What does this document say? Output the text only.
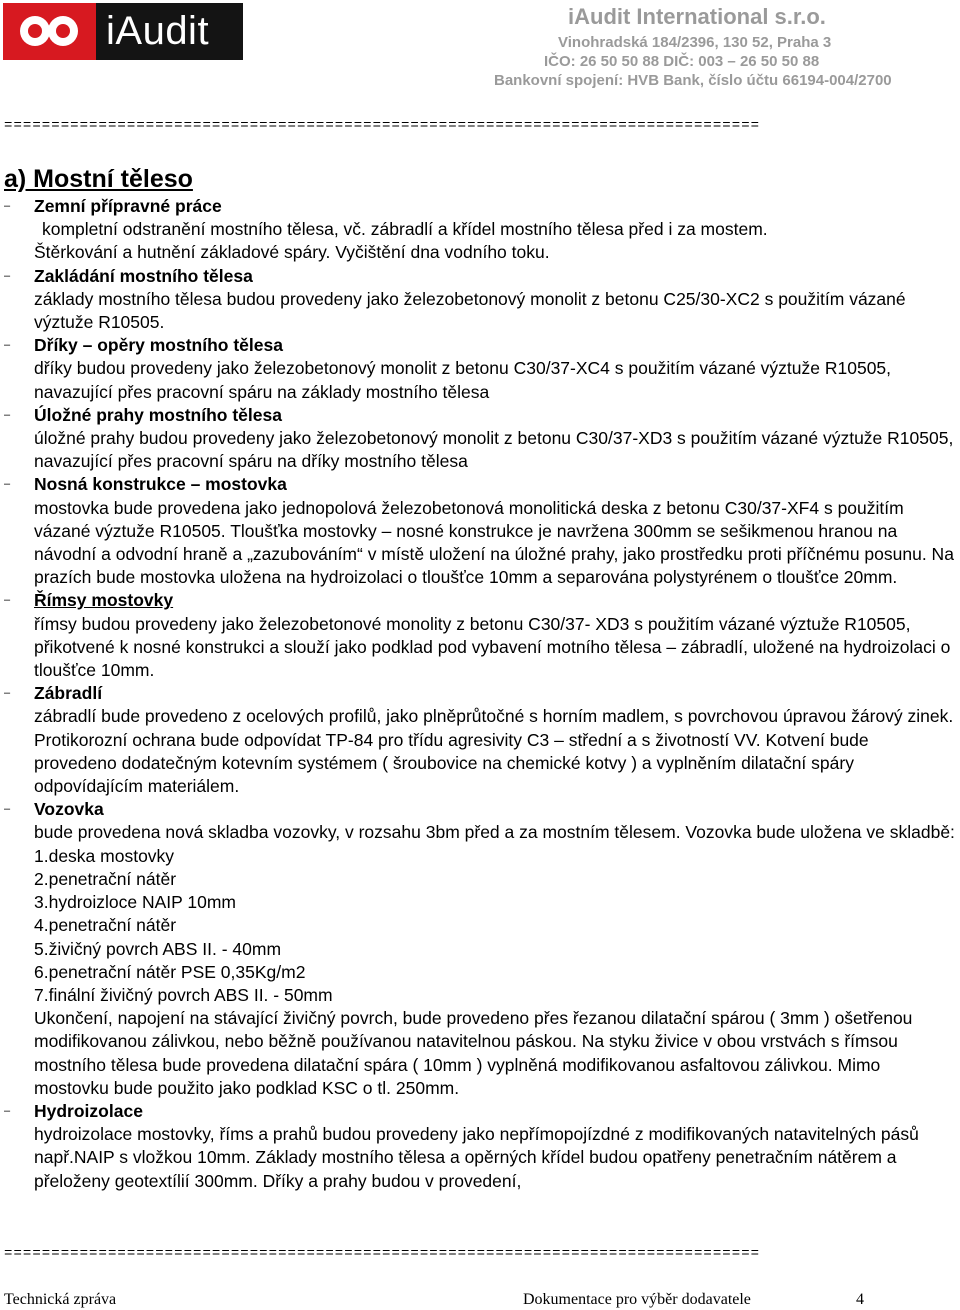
iAudit	iAudit International s.r.o.
Vinohradská 184/2396, 130 52, Praha 3
IČO: 26 50 50 88 DIČ: 003 – 26 50 50 88
Bankovní spojení: HVB Bank, číslo účtu 66194-004/2700
================================================================================
a) Mostní těleso
– Zemní přípravné práce

kompletní odstranění mostního tělesa, vč. zábradlí a křídel mostního tělesa před i za mostem.

Štěrkování a hutnění základové spáry. Vyčištění dna vodního toku.

– Zakládání mostního tělesa

základy mostního tělesa budou provedeny jako železobetonový monolit z betonu C25/30-XC2 s použitím vázané výztuže R10505.

– Dříky – opěry mostního tělesa

dříky budou provedeny jako železobetonový monolit z betonu C30/37-XC4 s použitím vázané výztuže R10505, navazující přes pracovní spáru na základy mostního tělesa

– Úložné prahy mostního tělesa

úložné prahy budou provedeny jako železobetonový monolit z betonu C30/37-XD3 s použitím vázané výztuže R10505, navazující přes pracovní spáru na dříky mostního tělesa

– Nosná konstrukce – mostovka

mostovka bude provedena jako jednopolová železobetonová monolitická deska z betonu C30/37-XF4 s použitím vázané výztuže R10505. Tloušťka mostovky – nosné konstrukce je navržena 300mm se sešikmenou hranou na návodní a odvodní hraně a „zazubováním“ v místě uložení na úložné prahy, jako prostředku proti příčnému posunu. Na prazích bude mostovka uložena na hydroizolaci o tloušťce 10mm a separována polystyrénem o tloušťce 20mm.

– Římsy mostovky

římsy budou provedeny jako železobetonové monolity z betonu C30/37- XD3 s použitím vázané výztuže R10505, přikotvené k nosné konstrukci a slouží jako podklad pod vybavení motního tělesa – zábradlí, uložené na hydroizolaci o tloušťce 10mm.

– Zábradlí

zábradlí bude provedeno z ocelových profilů, jako plněprůtočné s horním madlem, s povrchovou úpravou žárový zinek. Protikorozní ochrana bude odpovídat TP-84 pro třídu agresivity C3 – střední a s životností VV. Kotvení bude provedeno dodatečným kotevním systémem ( šroubovice na chemické kotvy ) a vyplněním dilatační spáry odpovídajícím materiálem.

– Vozovka

bude provedena nová skladba vozovky, v rozsahu 3bm před a za mostním tělesem. Vozovka bude uložena ve skladbě:

1.deska mostovky

2.penetrační nátěr

3.hydroizloce NAIP 10mm

4.penetrační nátěr

5.živičný povrch ABS II. - 40mm

6.penetrační nátěr PSE 0,35Kg/m2

7.finální živičný povrch ABS II. - 50mm

Ukončení, napojení na stávající živičný povrch, bude provedeno přes řezanou dilatační spárou ( 3mm ) ošetřenou modifikovanou zálivkou, nebo běžně používanou natavitelnou páskou. Na styku živice v obou vrstvách s římsou mostního tělesa bude provedena dilatační spára ( 10mm ) vyplněná modifikovanou asfaltovou zálivkou. Mimo mostovku bude použito jako podklad KSC o tl. 250mm.

– Hydroizolace

hydroizolace mostovky, říms a prahů budou provedeny jako nepřímopojízdné z modifikovaných natavitelných pásů např.NAIP s vložkou 10mm. Základy mostního tělesa a opěrných křídel budou opatřeny penetračním nátěrem a přeloženy geotextílií 300mm. Dříky a prahy budou v provedení,

================================================================================
Technická zpráva	Dokumentace pro výběr dodavatele	4
